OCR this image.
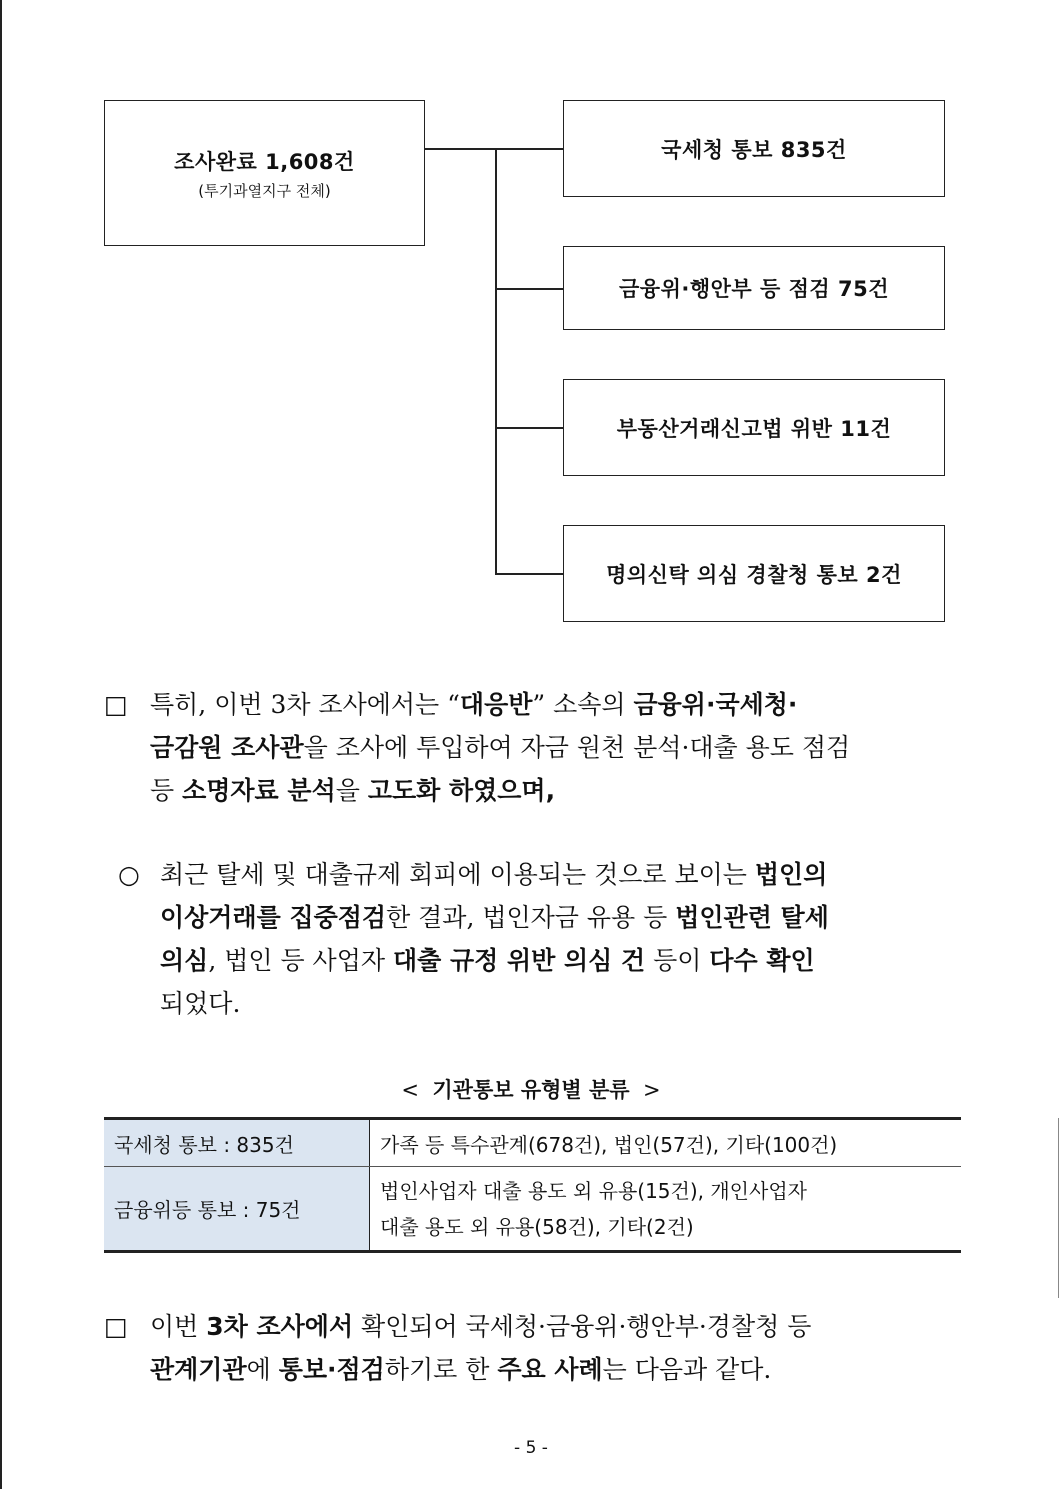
조사완료 1,608건
(투기과열지구 전체)
국세청 통보 835건
금융위·행안부 등 점검 75건
부동산거래신고법 위반 11건
명의신탁 의심 경찰청 통보 2건
□ 특히, 이번 3차 조사에서는 “대응반” 소속의 금융위·국세청·
금감원 조사관을 조사에 투입하여 자금 원천 분석·대출 용도 점검
등 소명자료 분석을 고도화 하였으며,
○ 최근 탈세 및 대출규제 회피에 이용되는 것으로 보이는 법인의
이상거래를 집중점검한 결과, 법인자금 유용 등 법인관련 탈세
의심, 법인 등 사업자 대출 규정 위반 의심 건 등이 다수 확인
되었다.
< 기관통보 유형별 분류 >
국세청 통보 : 835건	가족 등 특수관계(678건), 법인(57건), 기타(100건)
금융위등 통보 : 75건	법인사업자 대출 용도 외 유용(15건), 개인사업자
대출 용도 외 유용(58건), 기타(2건)
□ 이번 3차 조사에서 확인되어 국세청·금융위·행안부·경찰청 등
관계기관에 통보·점검하기로 한 주요 사례는 다음과 같다.
- 5 -
